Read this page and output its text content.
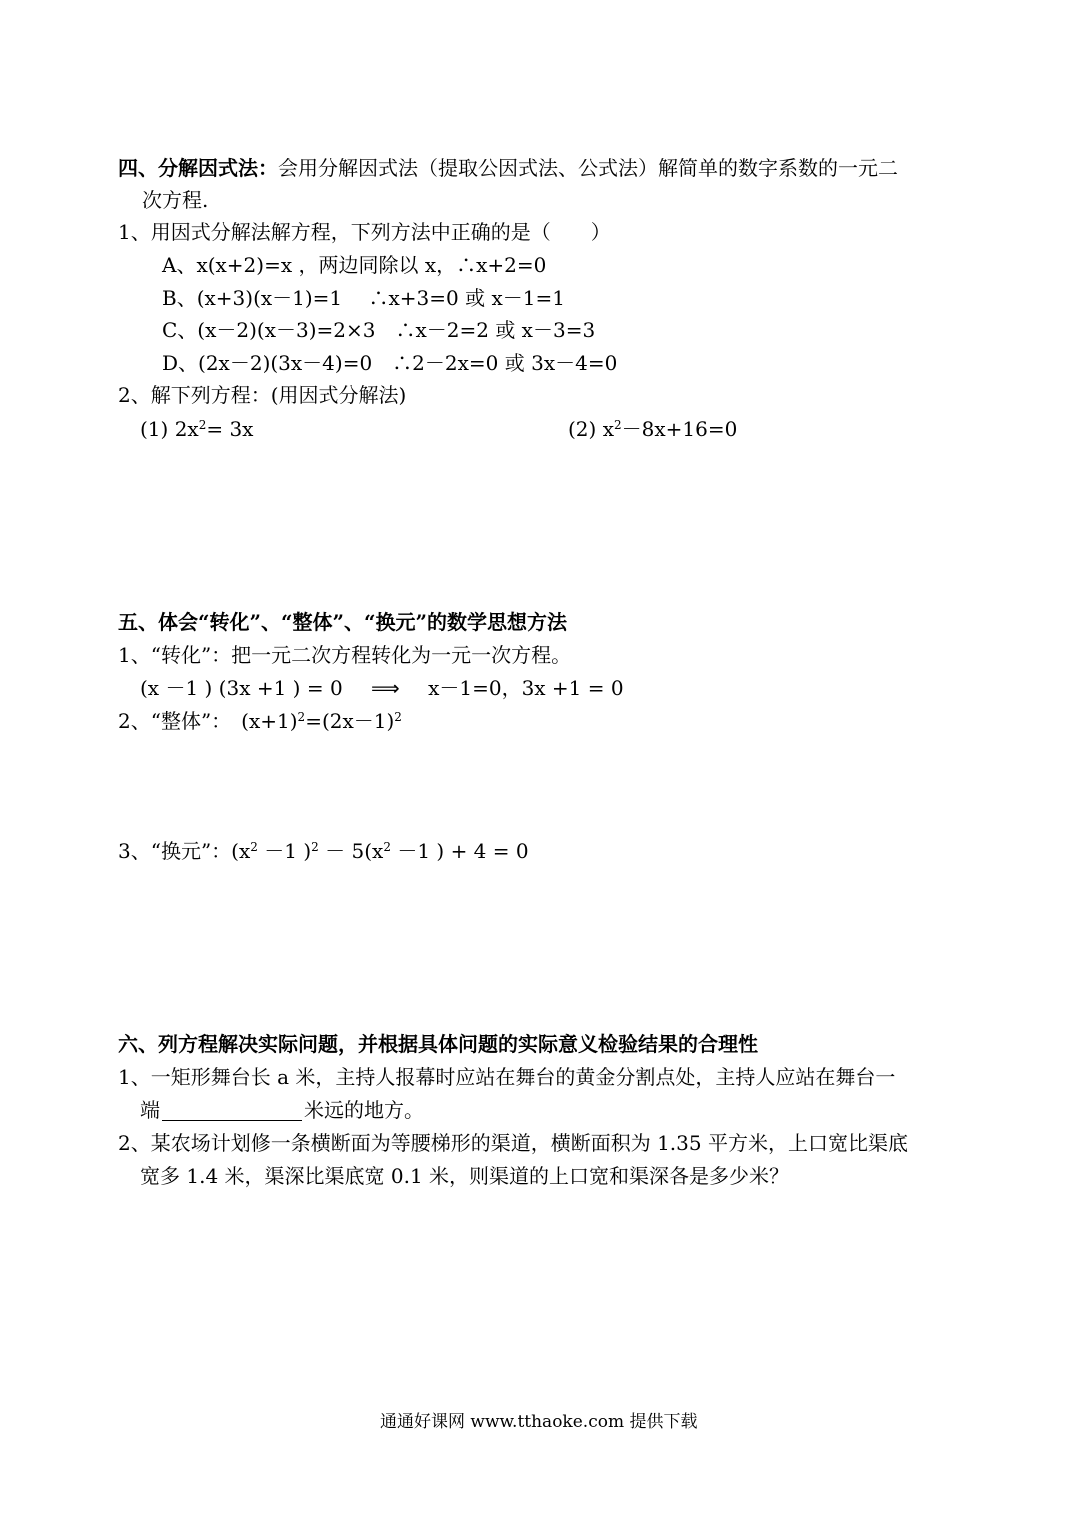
四、分解因式法：会用分解因式法（提取公因式法、公式法）解简单的数字系数的一元二
次方程.
1、用因式分解法解方程，下列方法中正确的是（　　）
A、x(x+2)=x ，两边同除以 x，∴x+2=0
B、(x+3)(x－1)=1　 ∴x+3=0 或 x－1=1
C、(x－2)(x－3)=2×3　∴x－2=2 或 x－3=3
D、(2x－2)(3x－4)=0　∴2－2x=0 或 3x－4=0
2、解下列方程：(用因式分解法)
(1) $2x^2= 3x$	(2) $x^2-8x+16=0$
五、体会“转化”、“整体”、“换元”的数学思想方法
1、“转化”：把一元二次方程转化为一元一次方程。
(x －1 ) (3x +1 ) = 0 ⟹ x－1=0，3x +1 = 0
2、“整体”：　$(x+1)^2=(2x-1)^2$
3、“换元”：($x^2 -1$ )$^2 - 5(x^2 -1$ ) + 4 = 0
六、列方程解决实际问题，并根据具体问题的实际意义检验结果的合理性
1、一矩形舞台长 a 米，主持人报幕时应站在舞台的黄金分割点处，主持人应站在舞台一
端	米远的地方。
2、某农场计划修一条横断面为等腰梯形的渠道，横断面积为 1.35 平方米，上口宽比渠底
宽多 1.4 米，渠深比渠底宽 0.1 米，则渠道的上口宽和渠深各是多少米？
通通好课网 www.tthaoke.com 提供下载
